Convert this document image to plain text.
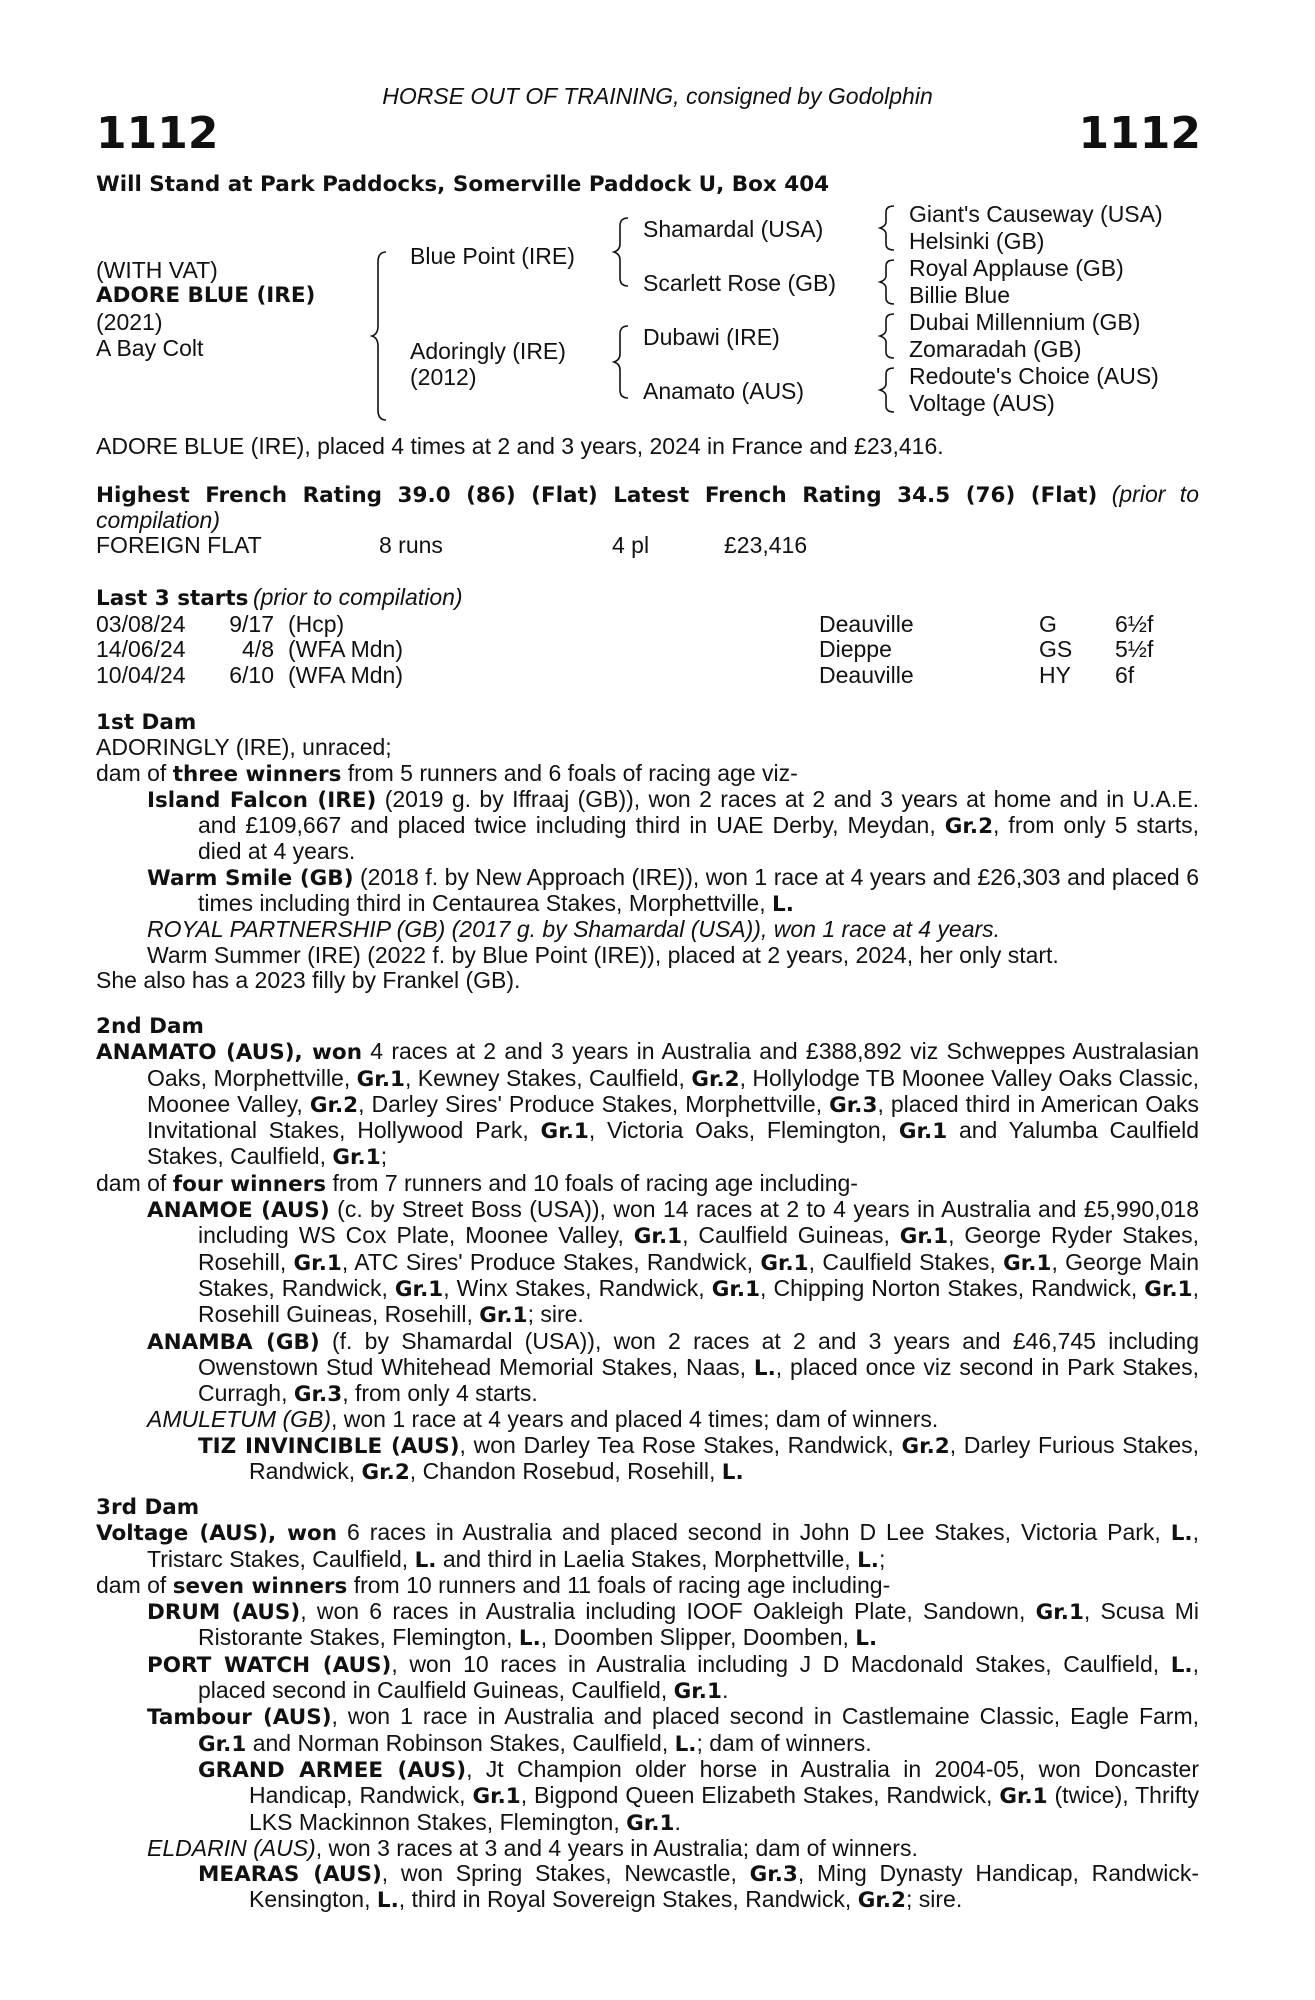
HORSE OUT OF TRAINING, consigned by Godolphin
1112	1112
Will Stand at Park Paddocks, Somerville Paddock U, Box 404
(WITH VAT)
ADORE BLUE (IRE)
(2021)
A Bay Colt
Blue Point (IRE)
Adoringly (IRE)
(2012)
Shamardal (USA)
Scarlett Rose (GB)
Dubawi (IRE)
Anamato (AUS)
Giant's Causeway (USA)
Helsinki (GB)
Royal Applause (GB)
Billie Blue
Dubai Millennium (GB)
Zomaradah (GB)
Redoute's Choice (AUS)
Voltage (AUS)
ADORE BLUE (IRE), placed 4 times at 2 and 3 years, 2024 in France and £23,416.

Highest French Rating 39.0 (86) (Flat) Latest French Rating 34.5 (76) (Flat) (prior to compilation)

FOREIGN FLAT	8 runs	4 pl	£23,416
Last 3 starts (prior to compilation)
03/08/24 9/17 (Hcp)	Deauville	G	6½f
14/06/24 4/8 (WFA Mdn)	Dieppe	GS 5½f
10/04/24 6/10 (WFA Mdn)	Deauville	HY 6f
1st Dam

ADORINGLY (IRE), unraced;

dam of three winners from 5 runners and 6 foals of racing age viz-

Island Falcon (IRE) (2019 g. by Iffraaj (GB)), won 2 races at 2 and 3 years at home and in U.A.E. and £109,667 and placed twice including third in UAE Derby, Meydan, Gr.2, from only 5 starts, died at 4 years.

Warm Smile (GB) (2018 f. by New Approach (IRE)), won 1 race at 4 years and £26,303 and placed 6 times including third in Centaurea Stakes, Morphettville, L.

ROYAL PARTNERSHIP (GB) (2017 g. by Shamardal (USA)), won 1 race at 4 years.

Warm Summer (IRE) (2022 f. by Blue Point (IRE)), placed at 2 years, 2024, her only start.

She also has a 2023 filly by Frankel (GB).

2nd Dam

ANAMATO (AUS), won 4 races at 2 and 3 years in Australia and £388,892 viz Schweppes Australasian Oaks, Morphettville, Gr.1, Kewney Stakes, Caulfield, Gr.2, Hollylodge TB Moonee Valley Oaks Classic, Moonee Valley, Gr.2, Darley Sires' Produce Stakes, Morphettville, Gr.3, placed third in American Oaks Invitational Stakes, Hollywood Park, Gr.1, Victoria Oaks, Flemington, Gr.1 and Yalumba Caulfield Stakes, Caulfield, Gr.1;

dam of four winners from 7 runners and 10 foals of racing age including-

ANAMOE (AUS) (c. by Street Boss (USA)), won 14 races at 2 to 4 years in Australia and £5,990,018 including WS Cox Plate, Moonee Valley, Gr.1, Caulfield Guineas, Gr.1, George Ryder Stakes, Rosehill, Gr.1, ATC Sires' Produce Stakes, Randwick, Gr.1, Caulfield Stakes, Gr.1, George Main Stakes, Randwick, Gr.1, Winx Stakes, Randwick, Gr.1, Chipping Norton Stakes, Randwick, Gr.1, Rosehill Guineas, Rosehill, Gr.1; sire.

ANAMBA (GB) (f. by Shamardal (USA)), won 2 races at 2 and 3 years and £46,745 including Owenstown Stud Whitehead Memorial Stakes, Naas, L., placed once viz second in Park Stakes, Curragh, Gr.3, from only 4 starts.

AMULETUM (GB), won 1 race at 4 years and placed 4 times; dam of winners.

TIZ INVINCIBLE (AUS), won Darley Tea Rose Stakes, Randwick, Gr.2, Darley Furious Stakes, Randwick, Gr.2, Chandon Rosebud, Rosehill, L.

3rd Dam

Voltage (AUS), won 6 races in Australia and placed second in John D Lee Stakes, Victoria Park, L., Tristarc Stakes, Caulfield, L. and third in Laelia Stakes, Morphettville, L.;

dam of seven winners from 10 runners and 11 foals of racing age including-

DRUM (AUS), won 6 races in Australia including IOOF Oakleigh Plate, Sandown, Gr.1, Scusa Mi Ristorante Stakes, Flemington, L., Doomben Slipper, Doomben, L.

PORT WATCH (AUS), won 10 races in Australia including J D Macdonald Stakes, Caulfield, L., placed second in Caulfield Guineas, Caulfield, Gr.1.

Tambour (AUS), won 1 race in Australia and placed second in Castlemaine Classic, Eagle Farm, Gr.1 and Norman Robinson Stakes, Caulfield, L.; dam of winners.

GRAND ARMEE (AUS), Jt Champion older horse in Australia in 2004-05, won Doncaster Handicap, Randwick, Gr.1, Bigpond Queen Elizabeth Stakes, Randwick, Gr.1 (twice), Thrifty LKS Mackinnon Stakes, Flemington, Gr.1.

ELDARIN (AUS), won 3 races at 3 and 4 years in Australia; dam of winners.

MEARAS (AUS), won Spring Stakes, Newcastle, Gr.3, Ming Dynasty Handicap, Randwick-Kensington, L., third in Royal Sovereign Stakes, Randwick, Gr.2; sire.
